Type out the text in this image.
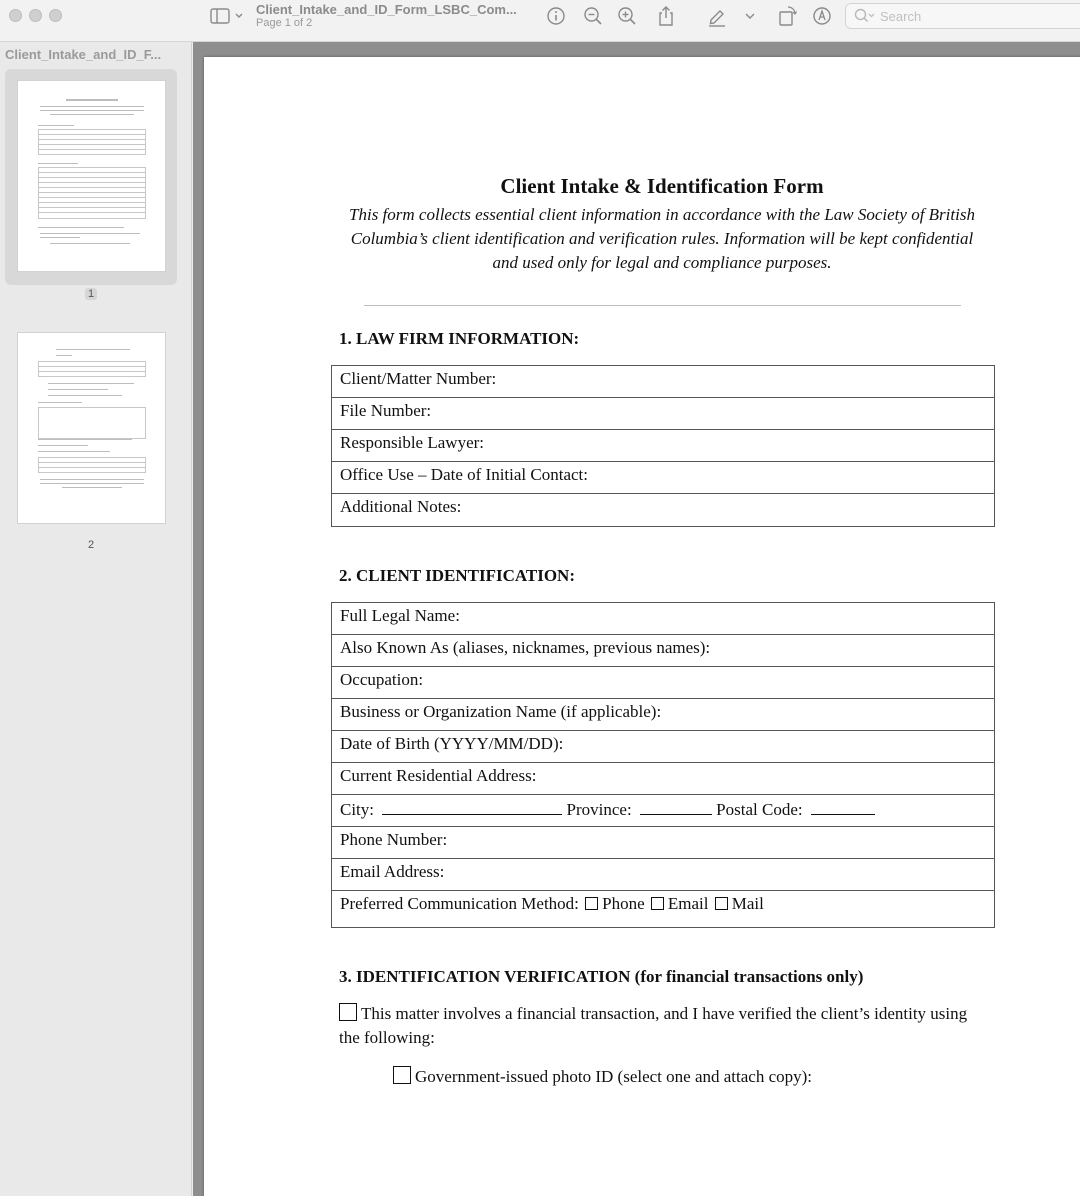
Client_Intake_and_ID_Form_LSBC_Com...
Page 1 of 2	Search
Client_Intake_and_ID_F...
1
2
Client Intake & Identification Form
This form collects essential client information in accordance with the Law Society of British Columbia’s client identification and verification rules. Information will be kept confidential and used only for legal and compliance purposes.
1. LAW FIRM INFORMATION:
Client/Matter Number:
File Number:
Responsible Lawyer:
Office Use – Date of Initial Contact:
Additional Notes:
2. CLIENT IDENTIFICATION:
Full Legal Name:
Also Known As (aliases, nicknames, previous names):
Occupation:
Business or Organization Name (if applicable):
Date of Birth (YYYY/MM/DD):
Current Residential Address:
City:	Province:	Postal Code:
Phone Number:
Email Address:
Preferred Communication Method: Phone Email Mail
3. IDENTIFICATION VERIFICATION (for financial transactions only)
This matter involves a financial transaction, and I have verified the client’s identity using the following:
Government-issued photo ID (select one and attach copy):
